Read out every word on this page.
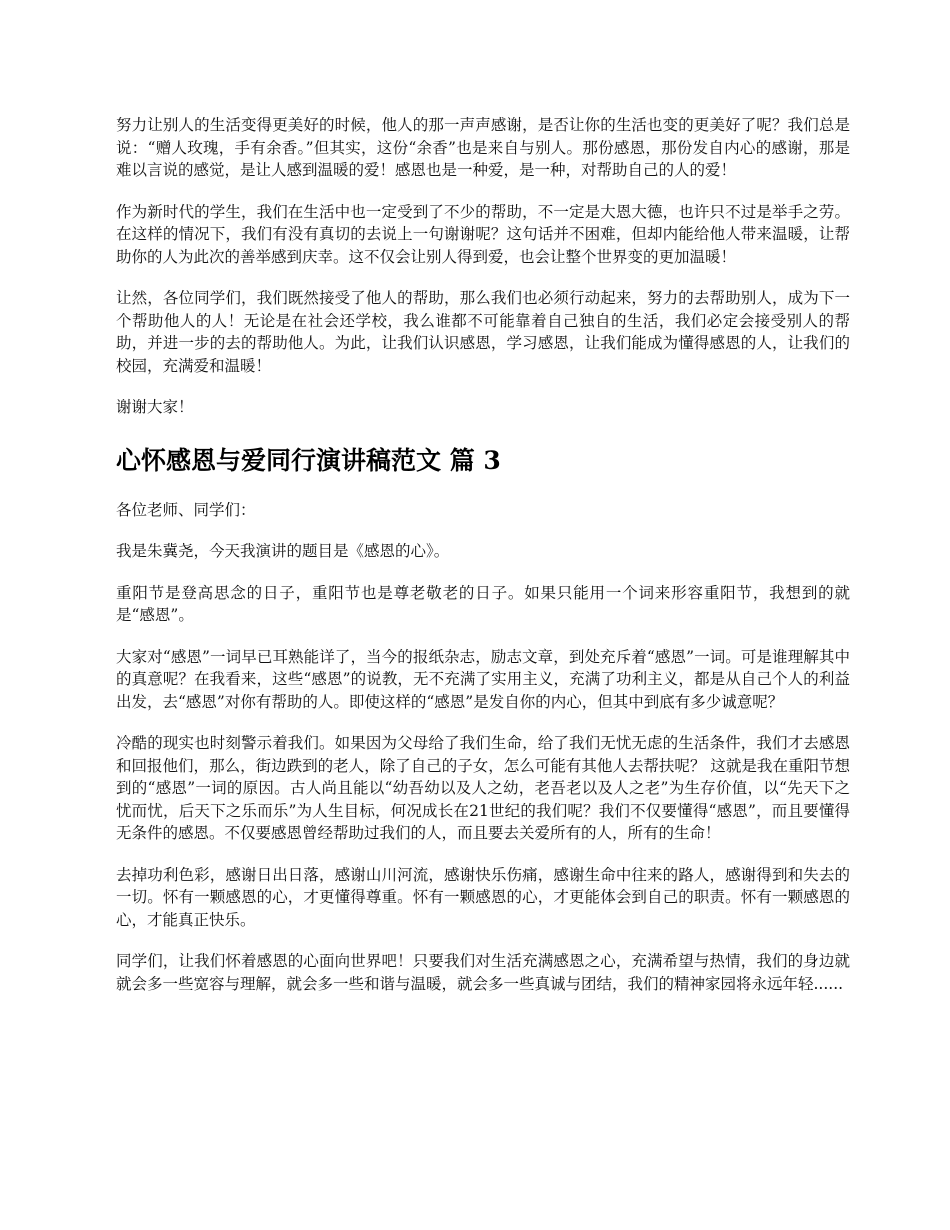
努力让别人的生活变得更美好的时候，他人的那一声声感谢，是否让你的生活也变的更美好了呢？我们总是说：“赠人玫瑰，手有余香。”但其实，这份“余香”也是来自与别人。那份感恩，那份发自内心的感谢，那是难以言说的感觉，是让人感到温暖的爱！感恩也是一种爱，是一种，对帮助自己的人的爱！

作为新时代的学生，我们在生活中也一定受到了不少的帮助，不一定是大恩大德，也许只不过是举手之劳。在这样的情况下，我们有没有真切的去说上一句谢谢呢？这句话并不困难，但却内能给他人带来温暖，让帮助你的人为此次的善举感到庆幸。这不仅会让别人得到爱，也会让整个世界变的更加温暖！

让然，各位同学们，我们既然接受了他人的帮助，那么我们也必须行动起来，努力的去帮助别人，成为下一个帮助他人的人！无论是在社会还学校，我么谁都不可能靠着自己独自的生活，我们必定会接受别人的帮助，并进一步的去的帮助他人。为此，让我们认识感恩，学习感恩，让我们能成为懂得感恩的人，让我们的校园，充满爱和温暖！

谢谢大家！

心怀感恩与爱同行演讲稿范文 篇 3

各位老师、同学们：

我是朱冀尧，今天我演讲的题目是《感恩的心》。

重阳节是登高思念的日子，重阳节也是尊老敬老的日子。如果只能用一个词来形容重阳节，我想到的就是“感恩”。

大家对“感恩”一词早已耳熟能详了，当今的报纸杂志，励志文章，到处充斥着“感恩”一词。可是谁理解其中的真意呢？在我看来，这些“感恩”的说教，无不充满了实用主义，充满了功利主义，都是从自己个人的利益出发，去“感恩”对你有帮助的人。即使这样的“感恩”是发自你的内心，但其中到底有多少诚意呢？

冷酷的现实也时刻警示着我们。如果因为父母给了我们生命，给了我们无忧无虑的生活条件，我们才去感恩和回报他们，那么，街边跌到的老人，除了自己的子女，怎么可能有其他人去帮扶呢？ 这就是我在重阳节想到的“感恩”一词的原因。古人尚且能以“幼吾幼以及人之幼，老吾老以及人之老”为生存价值，以“先天下之忧而忧，后天下之乐而乐”为人生目标，何况成长在21世纪的我们呢？我们不仅要懂得“感恩”，而且要懂得无条件的感恩。不仅要感恩曾经帮助过我们的人，而且要去关爱所有的人，所有的生命！

去掉功利色彩，感谢日出日落，感谢山川河流，感谢快乐伤痛，感谢生命中往来的路人，感谢得到和失去的一切。怀有一颗感恩的心，才更懂得尊重。怀有一颗感恩的心，才更能体会到自己的职责。怀有一颗感恩的心，才能真正快乐。

同学们，让我们怀着感恩的心面向世界吧！只要我们对生活充满感恩之心，充满希望与热情，我们的身边就就会多一些宽容与理解，就会多一些和谐与温暖，就会多一些真诚与团结，我们的精神家园将永远年轻......
